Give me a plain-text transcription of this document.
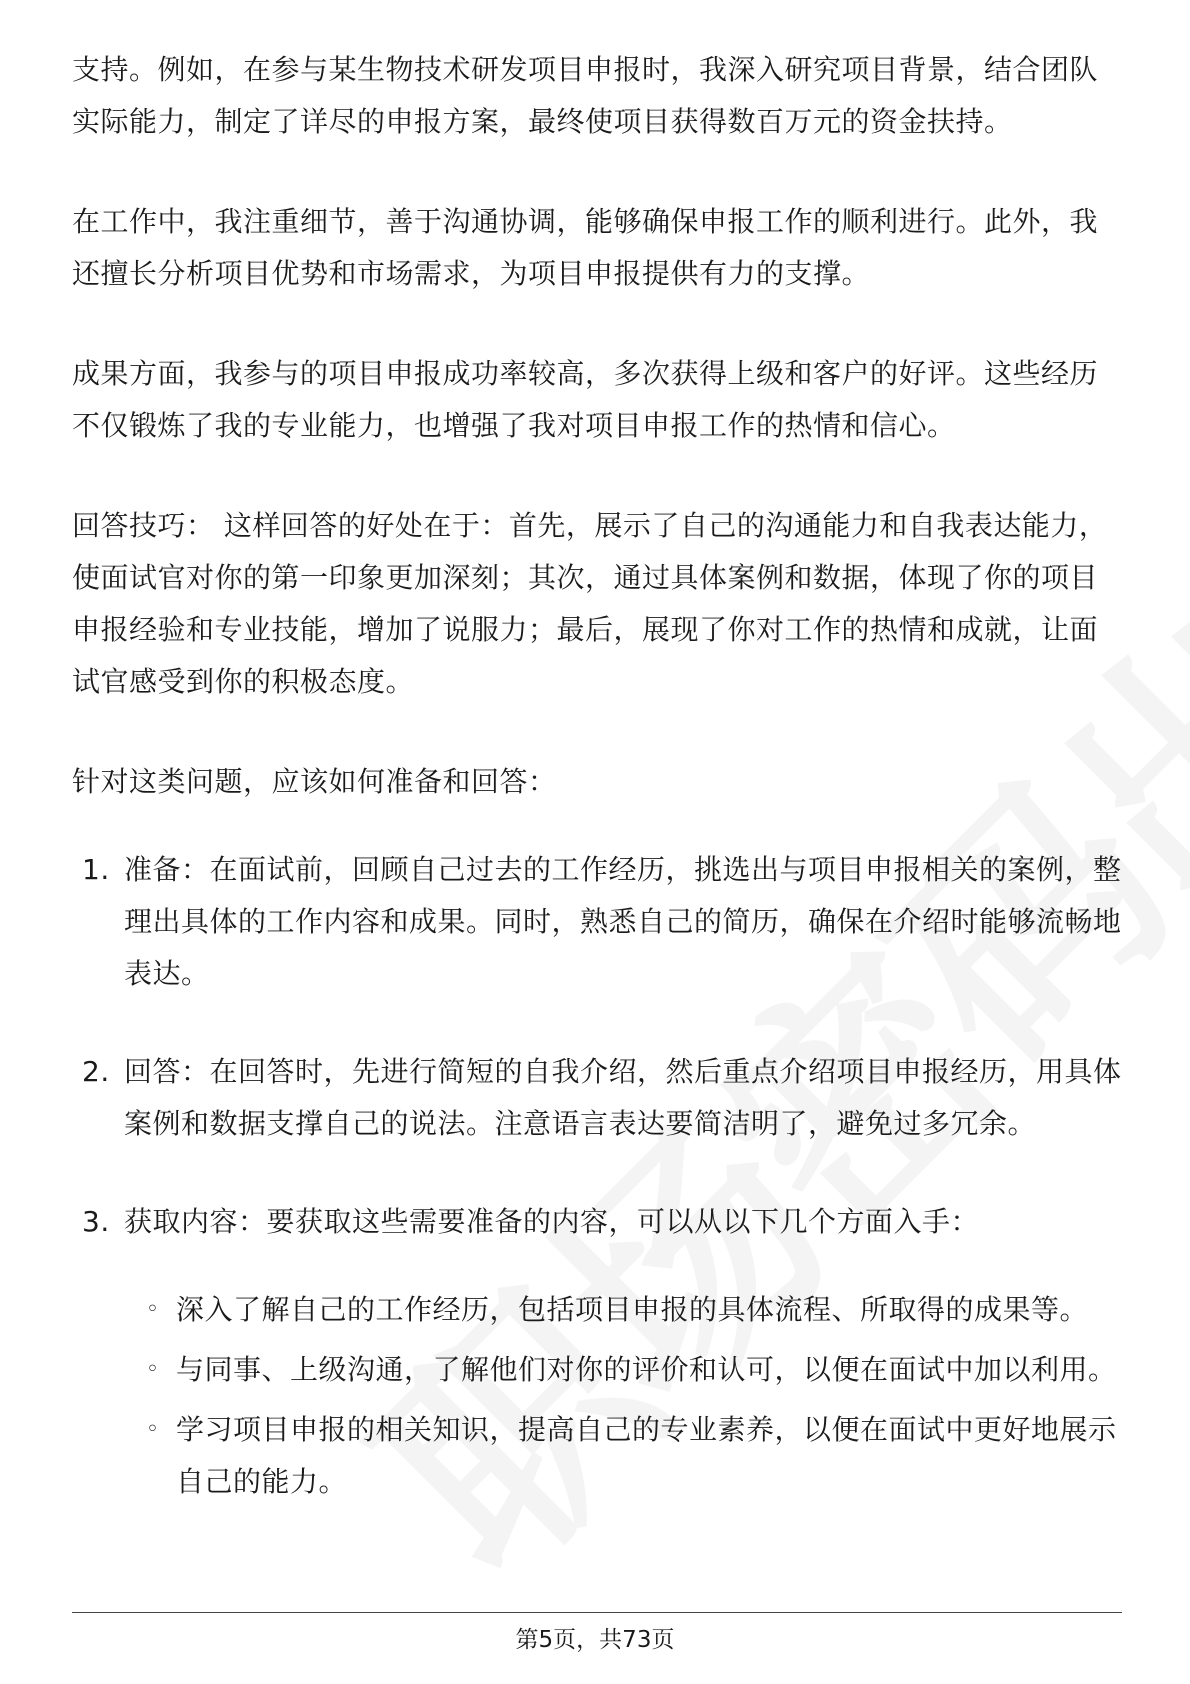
支持。例如，在参与某生物技术研发项目申报时，我深入研究项目背景，结合团队实际能力，制定了详尽的申报方案，最终使项目获得数百万元的资金扶持。

在工作中，我注重细节，善于沟通协调，能够确保申报工作的顺利进行。此外，我还擅长分析项目优势和市场需求，为项目申报提供有力的支撑。

成果方面，我参与的项目申报成功率较高，多次获得上级和客户的好评。这些经历不仅锻炼了我的专业能力，也增强了我对项目申报工作的热情和信心。

回答技巧： 这样回答的好处在于：首先，展示了自己的沟通能力和自我表达能力，使面试官对你的第一印象更加深刻；其次，通过具体案例和数据，体现了你的项目申报经验和专业技能，增加了说服力；最后，展现了你对工作的热情和成就，让面试官感受到你的积极态度。

针对这类问题，应该如何准备和回答：

1. 准备：在面试前，回顾自己过去的工作经历，挑选出与项目申报相关的案例，整理出具体的工作内容和成果。同时，熟悉自己的简历，确保在介绍时能够流畅地表达。
2. 回答：在回答时，先进行简短的自我介绍，然后重点介绍项目申报经历，用具体案例和数据支撑自己的说法。注意语言表达要简洁明了，避免过多冗余。
3. 获取内容：要获取这些需要准备的内容，可以从以下几个方面入手：
◦ 深入了解自己的工作经历，包括项目申报的具体流程、所取得的成果等。
◦ 与同事、上级沟通，了解他们对你的评价和认可，以便在面试中加以利用。
◦ 学习项目申报的相关知识，提高自己的专业素养，以便在面试中更好地展示自己的能力。
第5页，共73页
